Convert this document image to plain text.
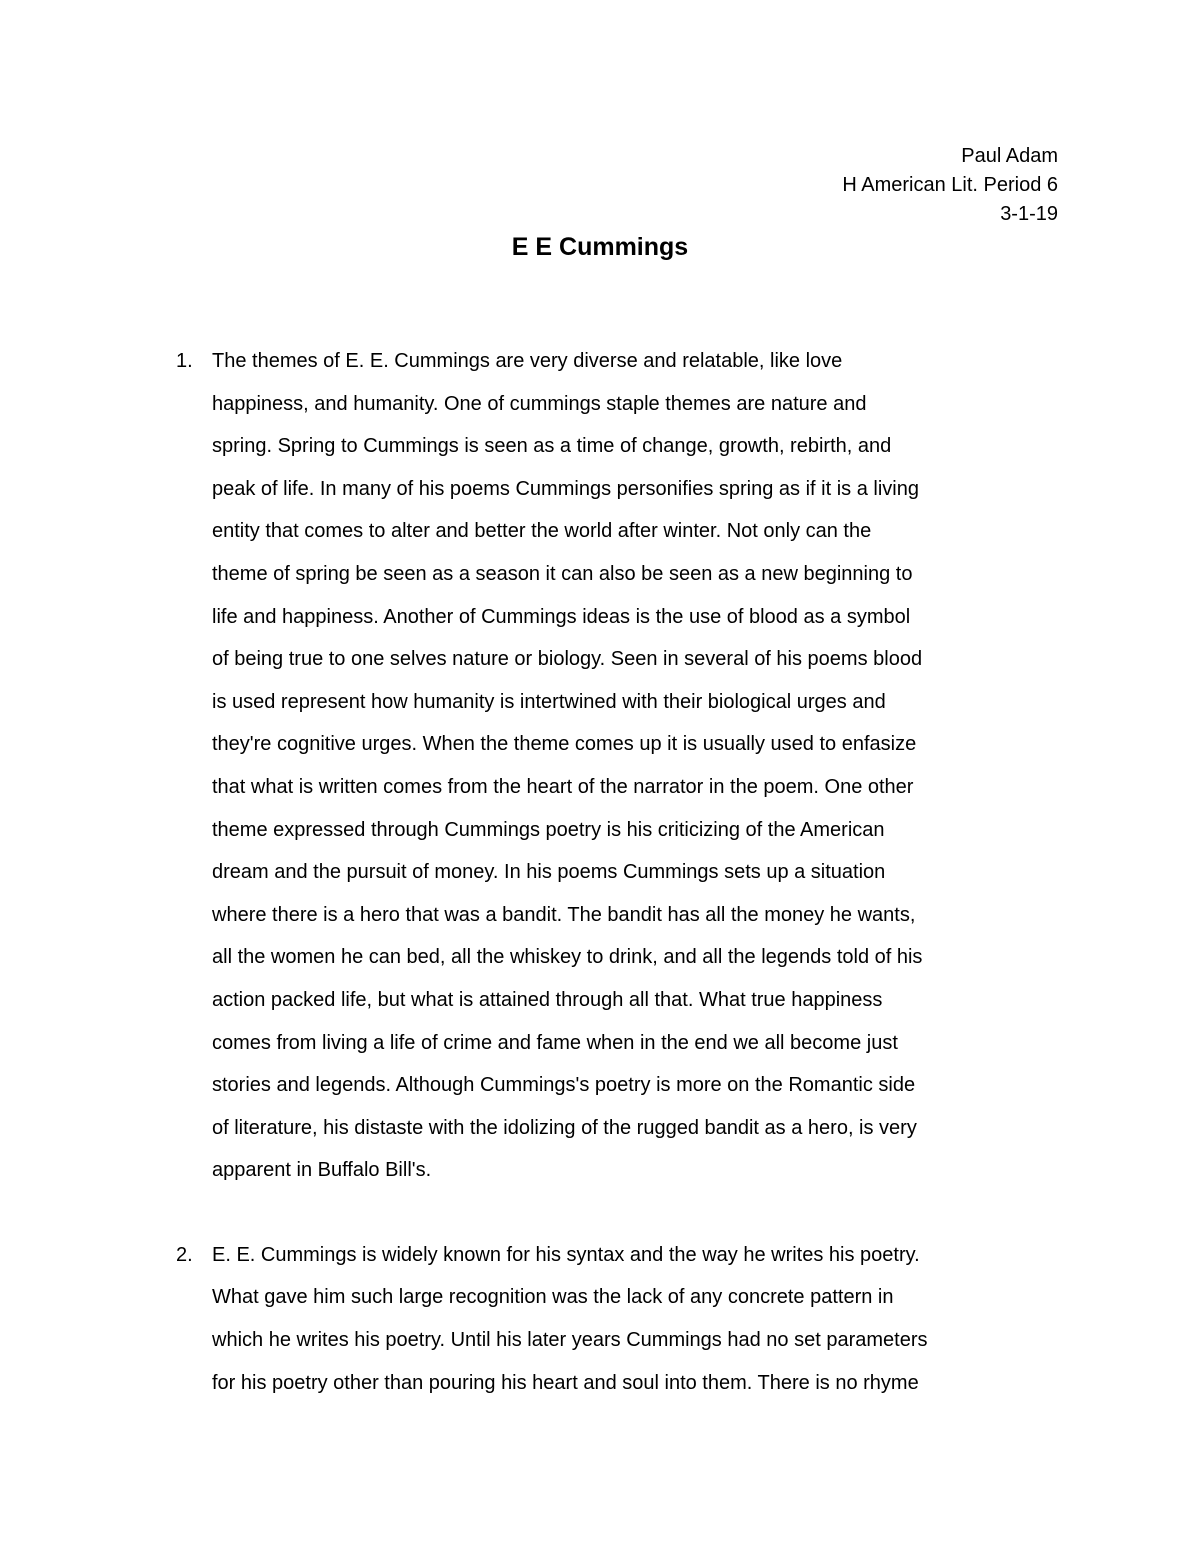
Paul Adam
H American Lit. Period 6
3-1-19
E E Cummings
1. The themes of E. E. Cummings are very diverse and relatable, like love
happiness, and humanity. One of cummings staple themes are nature and
spring. Spring to Cummings is seen as a time of change, growth, rebirth, and
peak of life. In many of his poems Cummings personifies spring as if it is a living
entity that comes to alter and better the world after winter. Not only can the
theme of spring be seen as a season it can also be seen as a new beginning to
life and happiness. Another of Cummings ideas is the use of blood as a symbol
of being true to one selves nature or biology. Seen in several of his poems blood
is used represent how humanity is intertwined with their biological urges and
they're cognitive urges. When the theme comes up it is usually used to enfasize
that what is written comes from the heart of the narrator in the poem. One other
theme expressed through Cummings poetry is his criticizing of the American
dream and the pursuit of money. In his poems Cummings sets up a situation
where there is a hero that was a bandit. The bandit has all the money he wants,
all the women he can bed, all the whiskey to drink, and all the legends told of his
action packed life, but what is attained through all that. What true happiness
comes from living a life of crime and fame when in the end we all become just
stories and legends. Although Cummings's poetry is more on the Romantic side
of literature, his distaste with the idolizing of the rugged bandit as a hero, is very
apparent in Buffalo Bill's.
2. E. E. Cummings is widely known for his syntax and the way he writes his poetry.
What gave him such large recognition was the lack of any concrete pattern in
which he writes his poetry. Until his later years Cummings had no set parameters
for his poetry other than pouring his heart and soul into them. There is no rhyme
